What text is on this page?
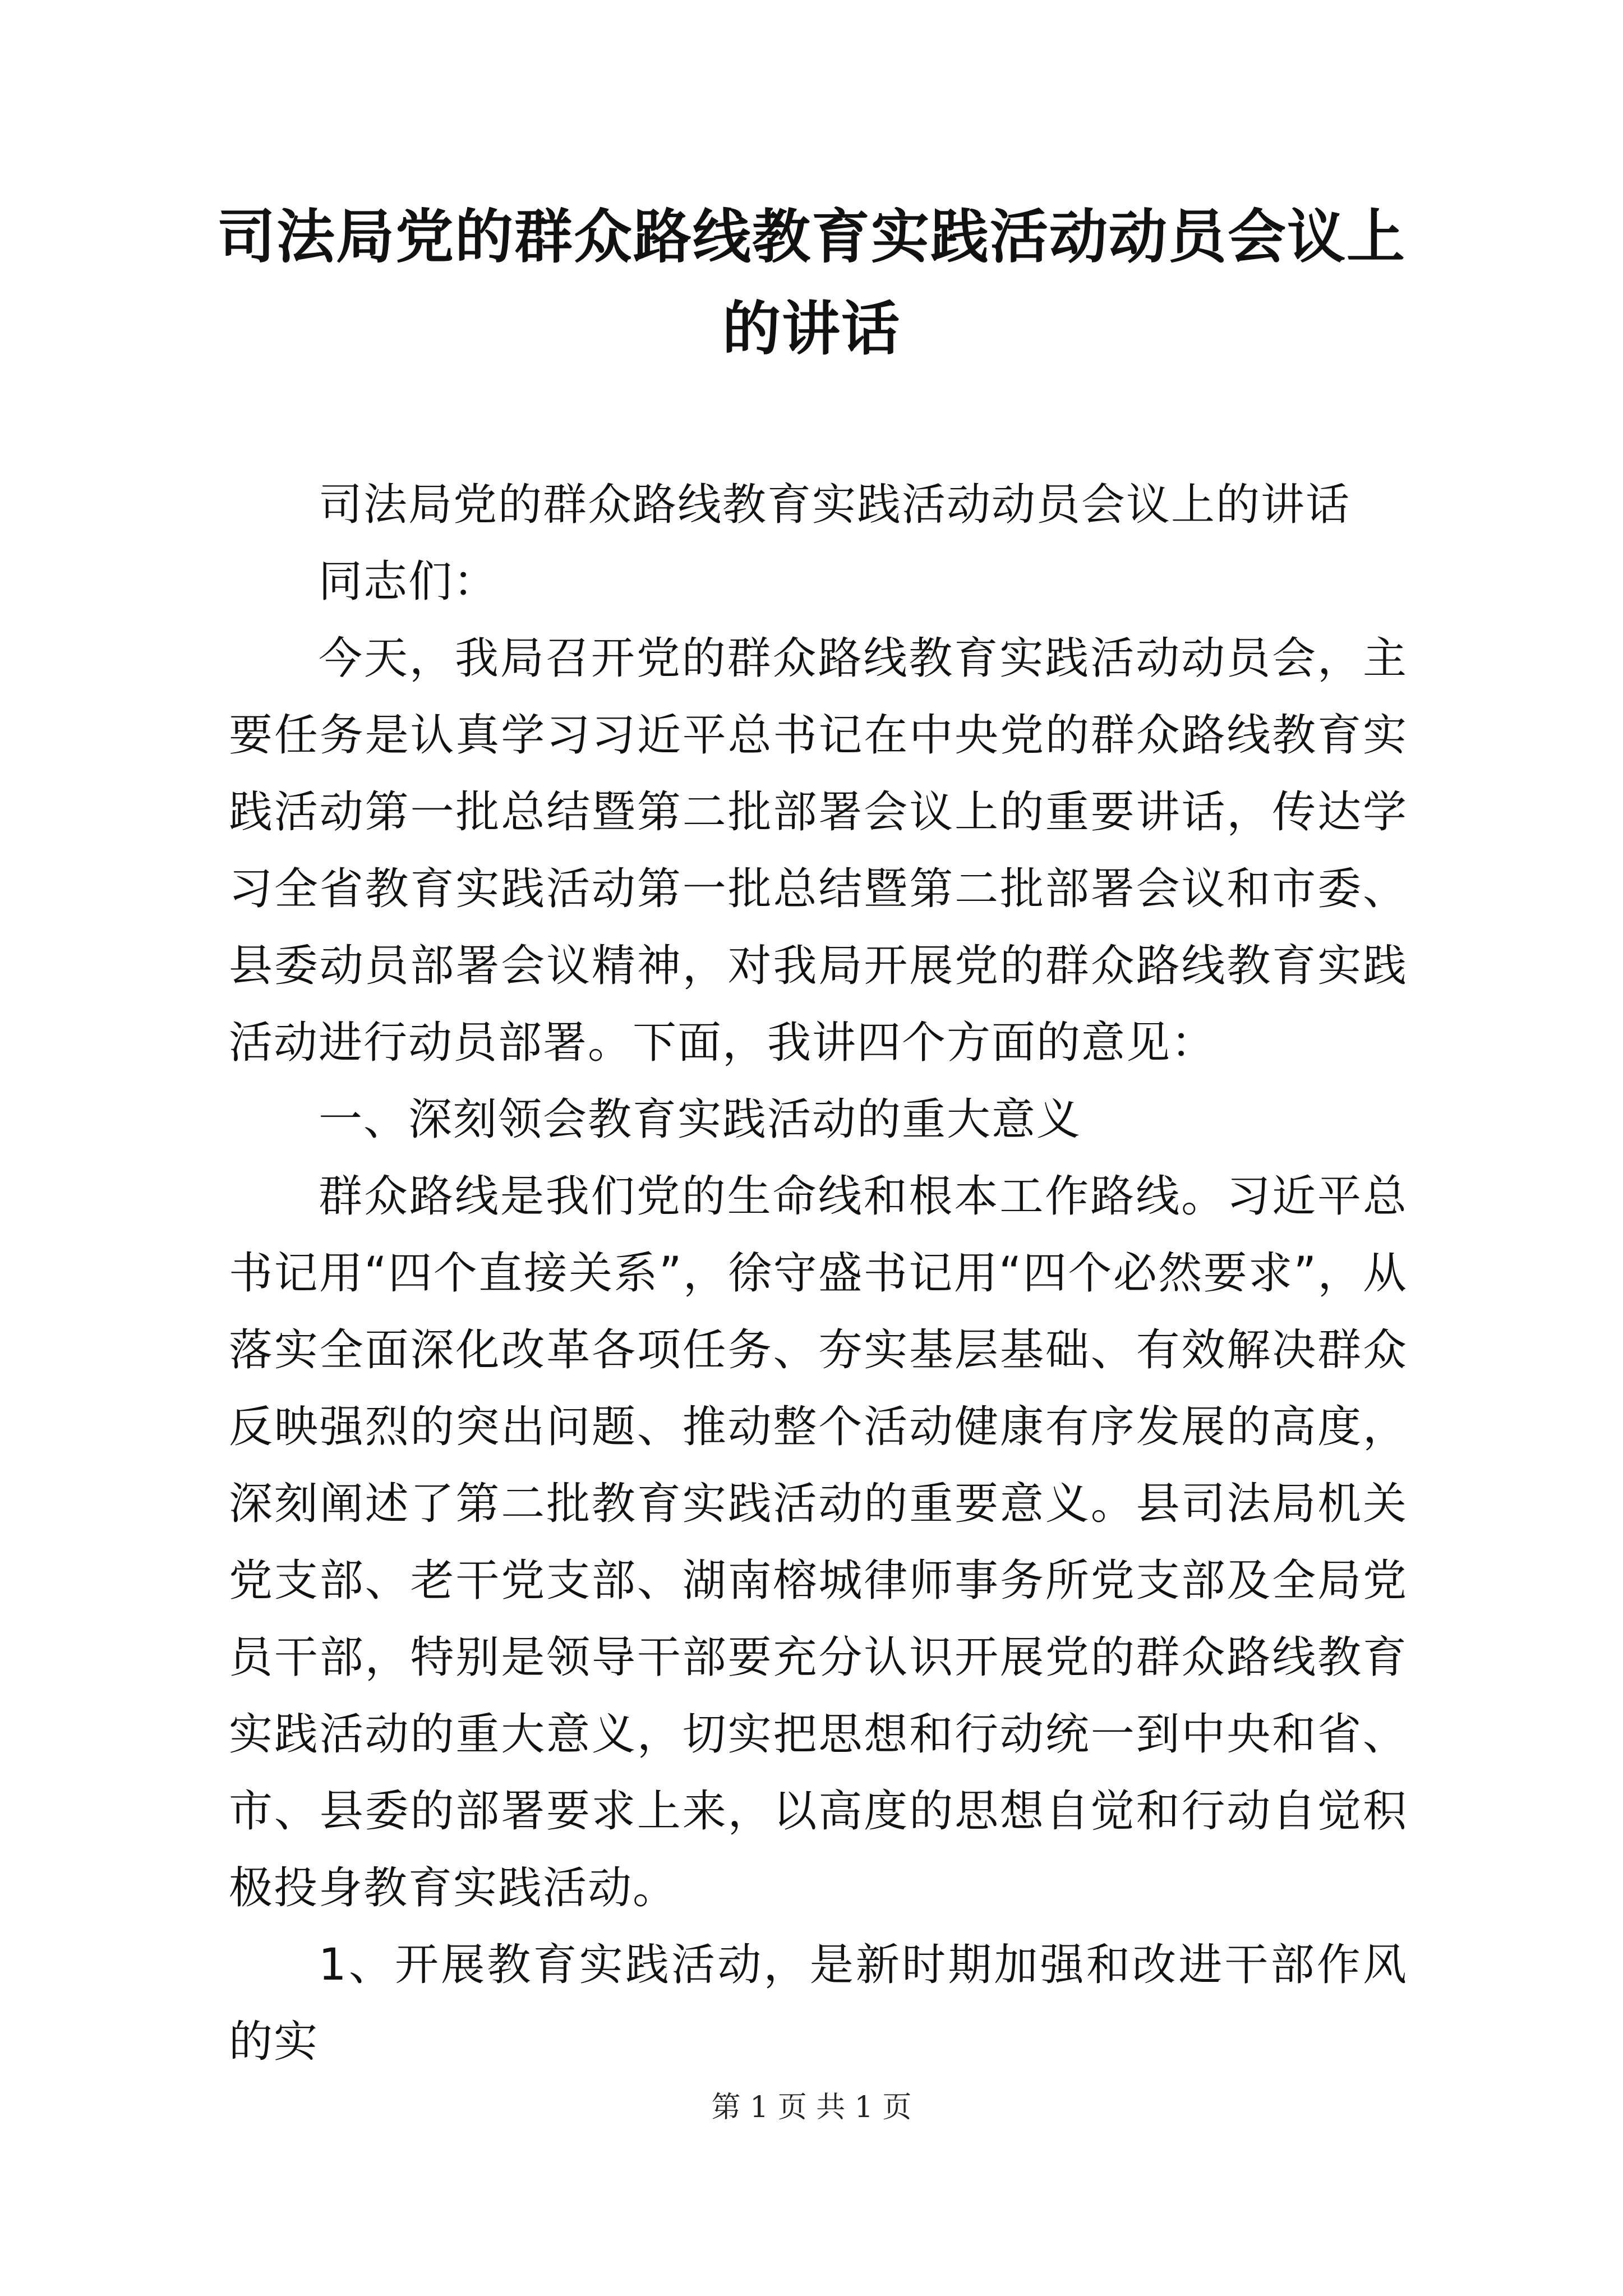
司法局党的群众路线教育实践活动动员会议上的讲话

司法局党的群众路线教育实践活动动员会议上的讲话

同志们：

今天，我局召开党的群众路线教育实践活动动员会，主要任务是认真学习习近平总书记在中央党的群众路线教育实践活动第一批总结暨第二批部署会议上的重要讲话，传达学习全省教育实践活动第一批总结暨第二批部署会议和市委、县委动员部署会议精神，对我局开展党的群众路线教育实践活动进行动员部署。下面，我讲四个方面的意见：

一、深刻领会教育实践活动的重大意义

群众路线是我们党的生命线和根本工作路线。习近平总书记用“四个直接关系”，徐守盛书记用“四个必然要求”，从落实全面深化改革各项任务、夯实基层基础、有效解决群众反映强烈的突出问题、推动整个活动健康有序发展的高度，深刻阐述了第二批教育实践活动的重要意义。县司法局机关党支部、老干党支部、湖南榕城律师事务所党支部及全局党员干部，特别是领导干部要充分认识开展党的群众路线教育实践活动的重大意义，切实把思想和行动统一到中央和省、市、县委的部署要求上来，以高度的思想自觉和行动自觉积极投身教育实践活动。

1、开展教育实践活动，是新时期加强和改进干部作风的实

第 1 页 共 1 页
